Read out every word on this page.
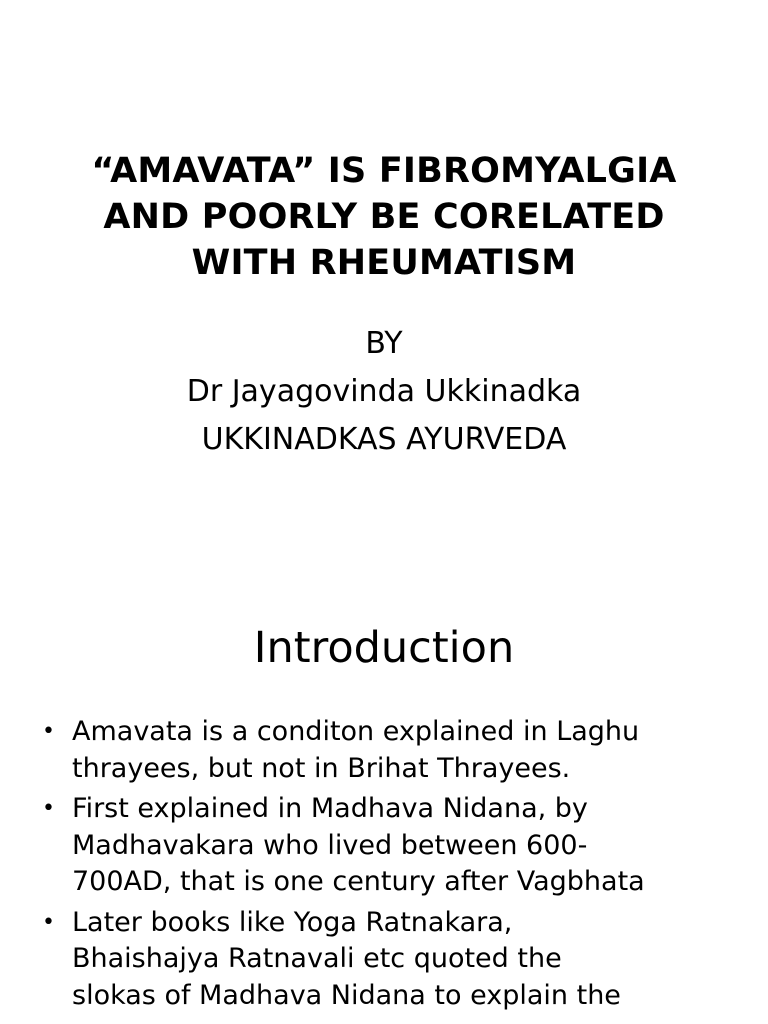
“AMAVATA” IS FIBROMYALGIA
AND POORLY BE CORELATED
WITH RHEUMATISM
BY
Dr Jayagovinda Ukkinadka
UKKINADKAS AYURVEDA
Introduction
• Amavata is a conditon explained in Laghu
thrayees, but not in Brihat Thrayees.
• First explained in Madhava Nidana, by
Madhavakara who lived between 600-
700AD, that is one century after Vagbhata
• Later books like Yoga Ratnakara,
Bhaishajya Ratnavali etc quoted the
slokas of Madhava Nidana to explain the
